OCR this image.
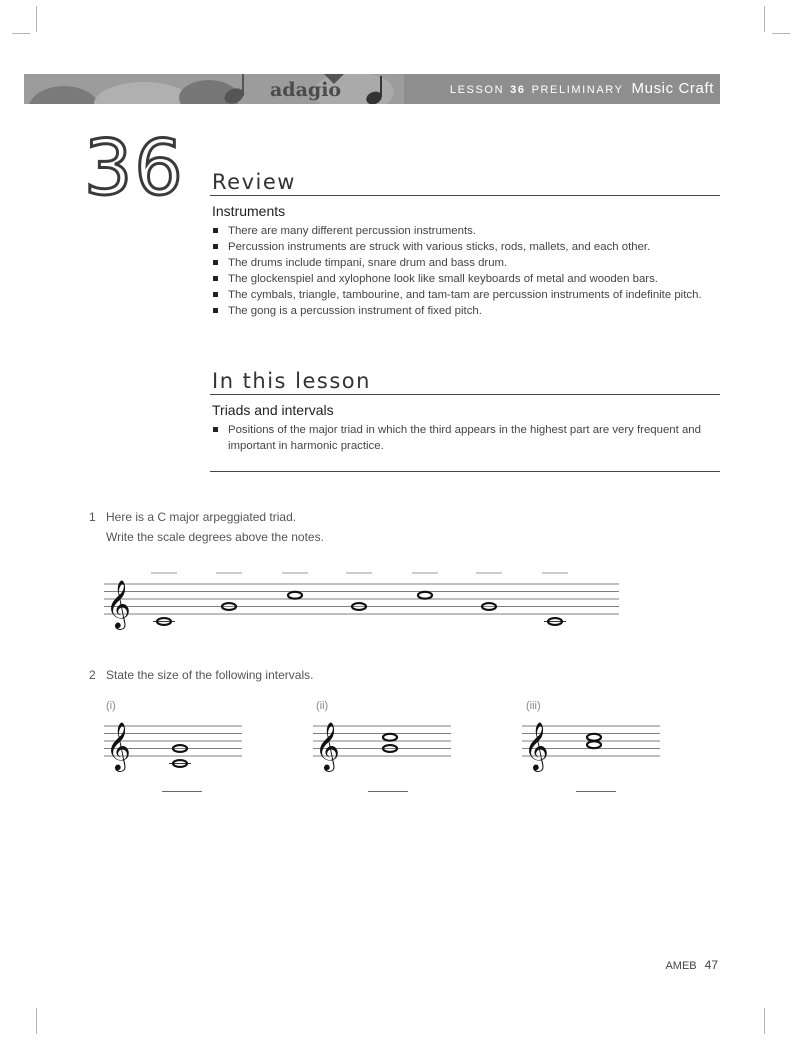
adagio	LESSON 36 PRELIMINARY Music Craft
36 Review
Instruments
There are many different percussion instruments.
Percussion instruments are struck with various sticks, rods, mallets, and each other.
The drums include timpani, snare drum and bass drum.
The glockenspiel and xylophone look like small keyboards of metal and wooden bars.
The cymbals, triangle, tambourine, and tam-tam are percussion instruments of indefinite pitch.
The gong is a percussion instrument of fixed pitch.
In this lesson
Triads and intervals
Positions of the major triad in which the third appears in the highest part are very frequent and important in harmonic practice.
1 Here is a C major arpeggiated triad.
Write the scale degrees above the notes.
𝄞
2 State the size of the following intervals.
(i)	(ii)	(iii)
𝄞	𝄞	𝄞
AMEB 47
